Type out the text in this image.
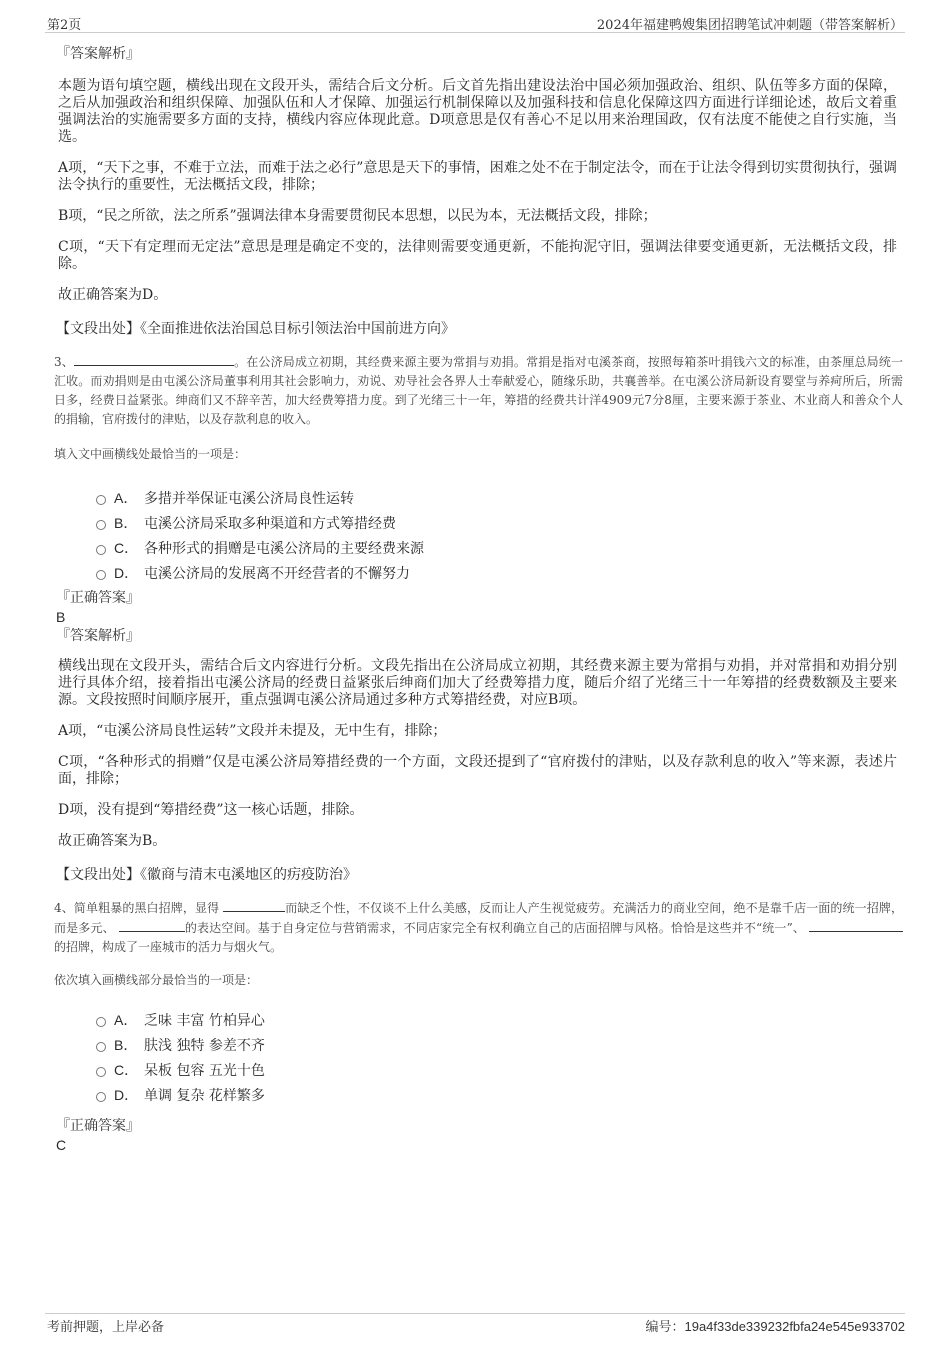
第2页	2024年福建鸭嫂集团招聘笔试冲刺题（带答案解析）
『答案解析』

本题为语句填空题，横线出现在文段开头，需结合后文分析。后文首先指出建设法治中国必须加强政治、组织、队伍等多方面的保障，之后从加强政治和组织保障、加强队伍和人才保障、加强运行机制保障以及加强科技和信息化保障这四方面进行详细论述，故后文着重强调法治的实施需要多方面的支持，横线内容应体现此意。D项意思是仅有善心不足以用来治理国政，仅有法度不能使之自行实施，当选。

A项，“天下之事，不难于立法，而难于法之必行”意思是天下的事情，困难之处不在于制定法令，而在于让法令得到切实贯彻执行，强调法令执行的重要性，无法概括文段，排除；

B项，“民之所欲，法之所系”强调法律本身需要贯彻民本思想，以民为本，无法概括文段，排除；

C项，“天下有定理而无定法”意思是理是确定不变的，法律则需要变通更新，不能拘泥守旧，强调法律要变通更新，无法概括文段，排除。

故正确答案为D。

【文段出处】《全面推进依法治国总目标引领法治中国前进方向》
3、	。在公济局成立初期，其经费来源主要为常捐与劝捐。常捐是指对屯溪茶商，按照每箱茶叶捐钱六文的标准，由茶厘总局统一汇收。而劝捐则是由屯溪公济局董事利用其社会影响力，劝说、劝导社会各界人士奉献爱心，随缘乐助，共襄善举。在屯溪公济局新设育婴堂与养疴所后，所需日多，经费日益紧张。绅商们又不辞辛苦，加大经费筹措力度。到了光绪三十一年，筹措的经费共计洋4909元7分8厘，主要来源于茶业、木业商人和善众个人的捐输，官府拨付的津贴，以及存款利息的收入。
填入文中画横线处最恰当的一项是：
A． 多措并举保证屯溪公济局良性运转
B． 屯溪公济局采取多种渠道和方式筹措经费
C． 各种形式的捐赠是屯溪公济局的主要经费来源
D． 屯溪公济局的发展离不开经营者的不懈努力
『正确答案』
B
『答案解析』

横线出现在文段开头，需结合后文内容进行分析。文段先指出在公济局成立初期，其经费来源主要为常捐与劝捐，并对常捐和劝捐分别进行具体介绍，接着指出屯溪公济局的经费日益紧张后绅商们加大了经费筹措力度，随后介绍了光绪三十一年筹措的经费数额及主要来源。文段按照时间顺序展开，重点强调屯溪公济局通过多种方式筹措经费，对应B项。

A项，“屯溪公济局良性运转”文段并未提及，无中生有，排除；

C项，“各种形式的捐赠”仅是屯溪公济局筹措经费的一个方面，文段还提到了“官府拨付的津贴，以及存款利息的收入”等来源，表述片面，排除；

D项，没有提到“筹措经费”这一核心话题，排除。

故正确答案为B。

【文段出处】《徽商与清末屯溪地区的疠疫防治》
4、简单粗暴的黑白招牌，显得	而缺乏个性，不仅谈不上什么美感，反而让人产生视觉疲劳。充满活力的商业空间，绝不是靠千店一面的统一招牌，而是多元、	的表达空间。基于自身定位与营销需求，不同店家完全有权利确立自己的店面招牌与风格。恰恰是这些并不“统一”、 的招牌，构成了一座城市的活力与烟火气。
依次填入画横线部分最恰当的一项是：
A． 乏味 丰富 竹柏异心
B． 肤浅 独特 参差不齐
C． 呆板 包容 五光十色
D． 单调 复杂 花样繁多
『正确答案』
C
考前押题，上岸必备	编号：19a4f33de339232fbfa24e545e933702
